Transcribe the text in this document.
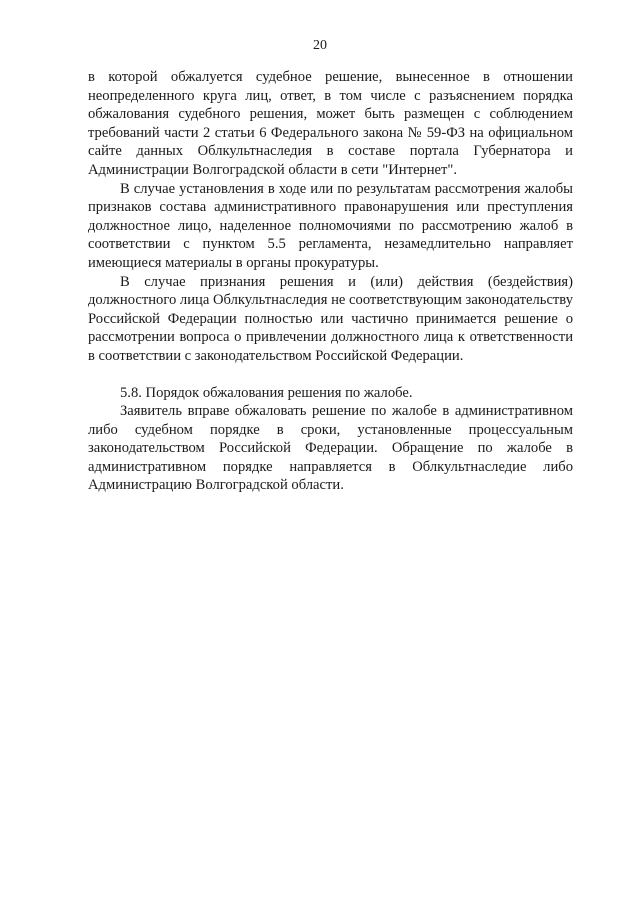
20

в которой обжалуется судебное решение, вынесенное в отношении неопределенного круга лиц, ответ, в том числе с разъяснением порядка обжалования судебного решения, может быть размещен с соблюдением требований части 2 статьи 6 Федерального закона № 59-ФЗ на официальном сайте данных Облкультнаследия в составе портала Губернатора и Администрации Волгоградской области в сети "Интернет".

В случае установления в ходе или по результатам рассмотрения жалобы признаков состава административного правонарушения или преступления должностное лицо, наделенное полномочиями по рассмотрению жалоб в соответствии с пунктом 5.5 регламента, незамедлительно направляет имеющиеся материалы в органы прокуратуры.

В случае признания решения и (или) действия (бездействия) должностного лица Облкультнаследия не соответствующим законодательству Российской Федерации полностью или частично принимается решение о рассмотрении вопроса о привлечении должностного лица к ответственности в соответствии с законодательством Российской Федерации.

5.8. Порядок обжалования решения по жалобе.

Заявитель вправе обжаловать решение по жалобе в административном либо судебном порядке в сроки, установленные процессуальным законодательством Российской Федерации. Обращение по жалобе в административном порядке направляется в Облкультнаследие либо Администрацию Волгоградской области.
